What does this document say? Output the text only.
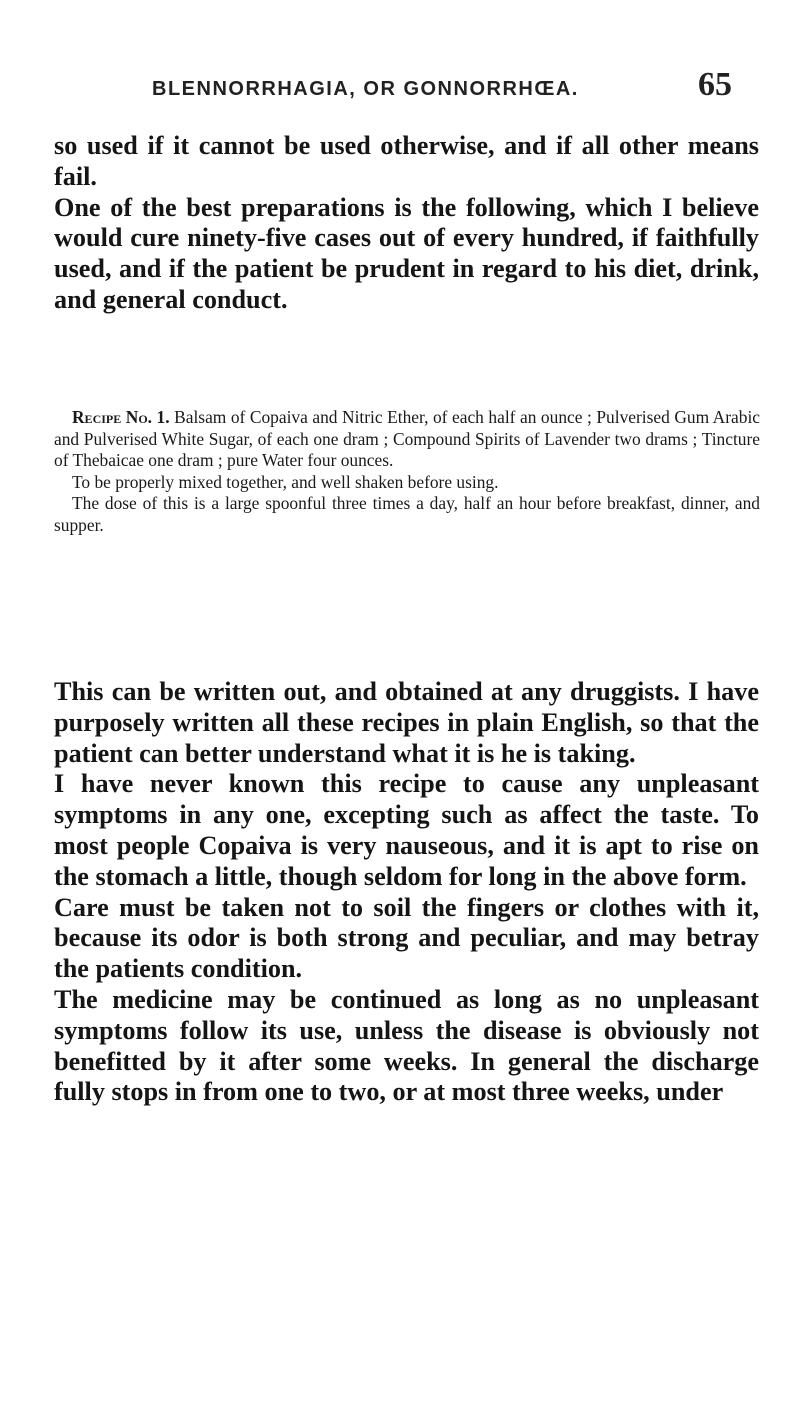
BLENNORRHAGIA, OR GONNORRHŒA.	65

so used if it cannot be used otherwise, and if all other means fail.

One of the best preparations is the following, which I believe would cure ninety-five cases out of every hundred, if faithfully used, and if the patient be prudent in regard to his diet, drink, and general conduct.

Recipe No. 1. Balsam of Copaiva and Nitric Ether, of each half an ounce ; Pulverised Gum Arabic and Pulverised White Sugar, of each one dram ; Compound Spirits of Lavender two drams ; Tincture of Thebaicae one dram ; pure Water four ounces.

To be properly mixed together, and well shaken before using.

The dose of this is a large spoonful three times a day, half an hour before breakfast, dinner, and supper.

This can be written out, and obtained at any druggists. I have purposely written all these recipes in plain English, so that the patient can better understand what it is he is taking.

I have never known this recipe to cause any unpleasant symptoms in any one, excepting such as affect the taste. To most people Copaiva is very nauseous, and it is apt to rise on the stomach a little, though seldom for long in the above form.

Care must be taken not to soil the fingers or clothes with it, because its odor is both strong and peculiar, and may betray the patients condition.

The medicine may be continued as long as no unpleasant symptoms follow its use, unless the disease is obviously not benefitted by it after some weeks. In general the discharge fully stops in from one to two, or at most three weeks, under
